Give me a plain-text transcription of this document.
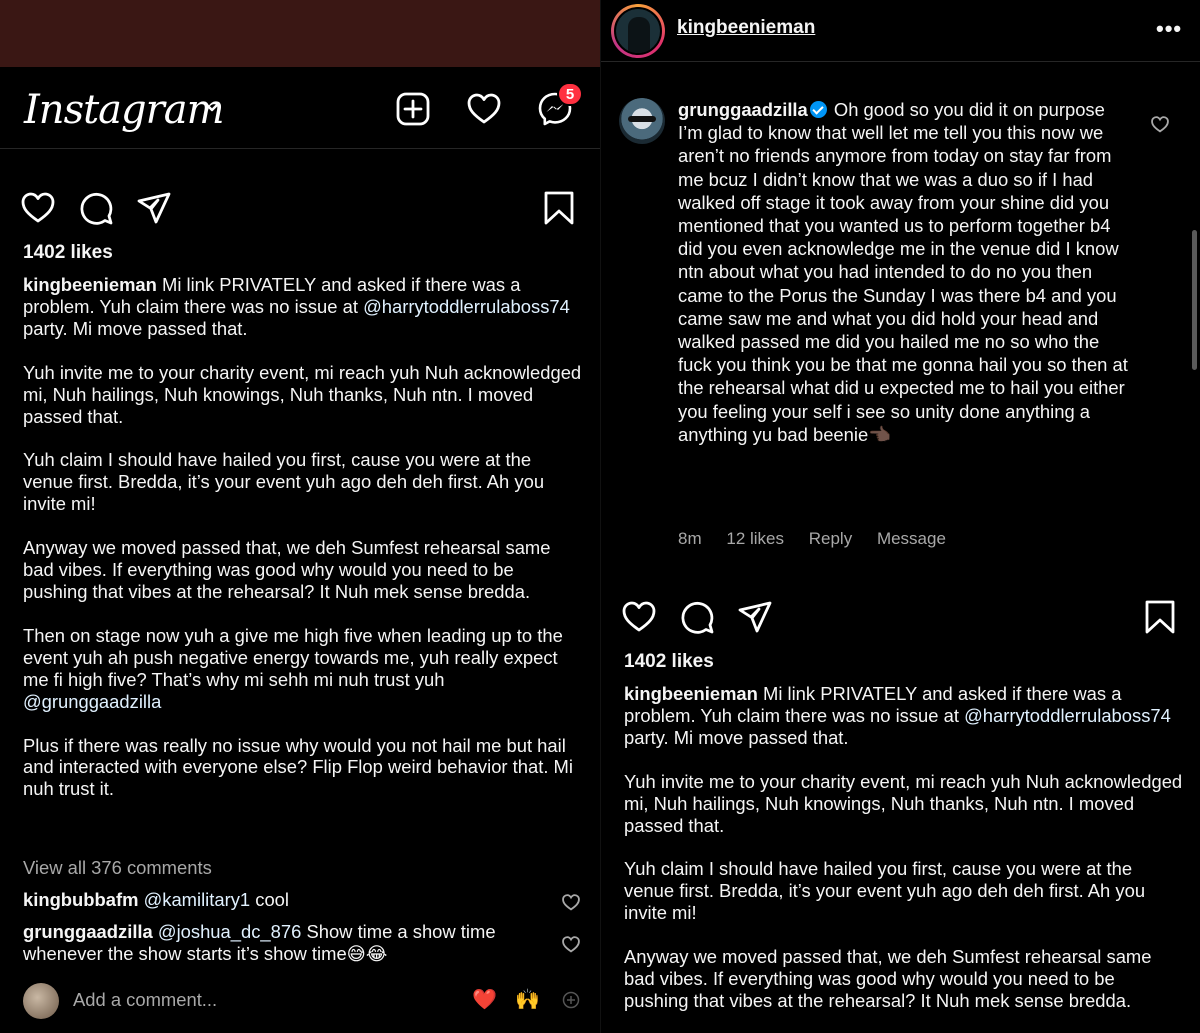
Instagram	5
1402 likes

kingbeenieman Mi link PRIVATELY and asked if there was a problem. Yuh claim there was no issue at @harrytoddlerrulaboss74 party. Mi move passed that.

Yuh invite me to your charity event, mi reach yuh Nuh acknowledged mi, Nuh hailings, Nuh knowings, Nuh thanks, Nuh ntn. I moved passed that.

Yuh claim I should have hailed you first, cause you were at the venue first. Bredda, it’s your event yuh ago deh deh first. Ah you invite mi!

Anyway we moved passed that, we deh Sumfest rehearsal same bad vibes. If everything was good why would you need to be pushing that vibes at the rehearsal? It Nuh mek sense bredda.

Then on stage now yuh a give me high five when leading up to the event yuh ah push negative energy towards me, yuh really expect me fi high five? That’s why mi sehh mi nuh trust yuh @grunggaadzilla

Plus if there was really no issue why would you not hail me but hail and interacted with everyone else? Flip Flop weird behavior that. Mi nuh trust it.

View all 376 comments
kingbubbafm @kamilitary1 cool
grunggaadzilla @joshua_dc_876 Show time a show time whenever the show starts it’s show time😅😂
Add a comment...	❤️ 🙌
kingbeenieman	•••
grunggaadzilla Oh good so you did it on purpose I’m glad to know that well let me tell you this now we aren’t no friends anymore from today on stay far from me bcuz I didn’t know that we was a duo so if I had walked off stage it took away from your shine did you mentioned that you wanted us to perform together b4 did you even acknowledge me in the venue did I know ntn about what you had intended to do no you then came to the Porus the Sunday I was there b4 and you came saw me and what you did hold your head and walked passed me did you hailed me no so who the fuck you think you be that me gonna hail you so then at the rehearsal what did u expected me to hail you either you feeling your self i see so unity done anything a anything yu bad beenie👈🏿
8m 12 likes Reply Message
1402 likes

kingbeenieman Mi link PRIVATELY and asked if there was a problem. Yuh claim there was no issue at @harrytoddlerrulaboss74 party. Mi move passed that.

Yuh invite me to your charity event, mi reach yuh Nuh acknowledged mi, Nuh hailings, Nuh knowings, Nuh thanks, Nuh ntn. I moved passed that.

Yuh claim I should have hailed you first, cause you were at the venue first. Bredda, it’s your event yuh ago deh deh first. Ah you invite mi!

Anyway we moved passed that, we deh Sumfest rehearsal same bad vibes. If everything was good why would you need to be pushing that vibes at the rehearsal? It Nuh mek sense bredda.
